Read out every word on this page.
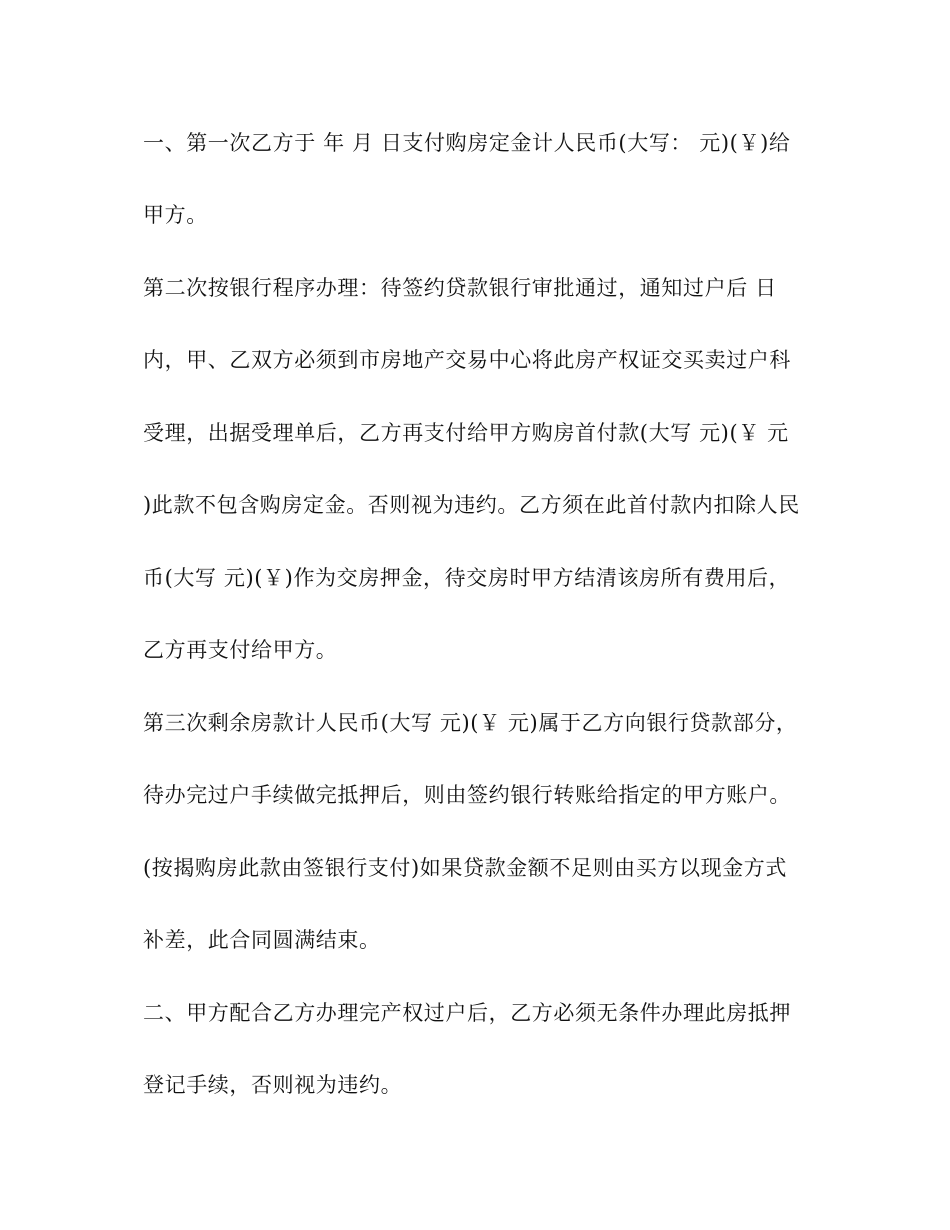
一、第一次乙方于 年 月 日支付购房定金计人民币(大写： 元)(￥)给
甲方。
第二次按银行程序办理：待签约贷款银行审批通过，通知过户后 日
内，甲、乙双方必须到市房地产交易中心将此房产权证交买卖过户科
受理，出据受理单后，乙方再支付给甲方购房首付款(大写 元)(￥ 元
)此款不包含购房定金。否则视为违约。乙方须在此首付款内扣除人民
币(大写 元)(￥)作为交房押金，待交房时甲方结清该房所有费用后，
乙方再支付给甲方。
第三次剩余房款计人民币(大写 元)(￥ 元)属于乙方向银行贷款部分，
待办完过户手续做完抵押后，则由签约银行转账给指定的甲方账户。
(按揭购房此款由签银行支付)如果贷款金额不足则由买方以现金方式
补差，此合同圆满结束。
二、甲方配合乙方办理完产权过户后，乙方必须无条件办理此房抵押
登记手续，否则视为违约。
